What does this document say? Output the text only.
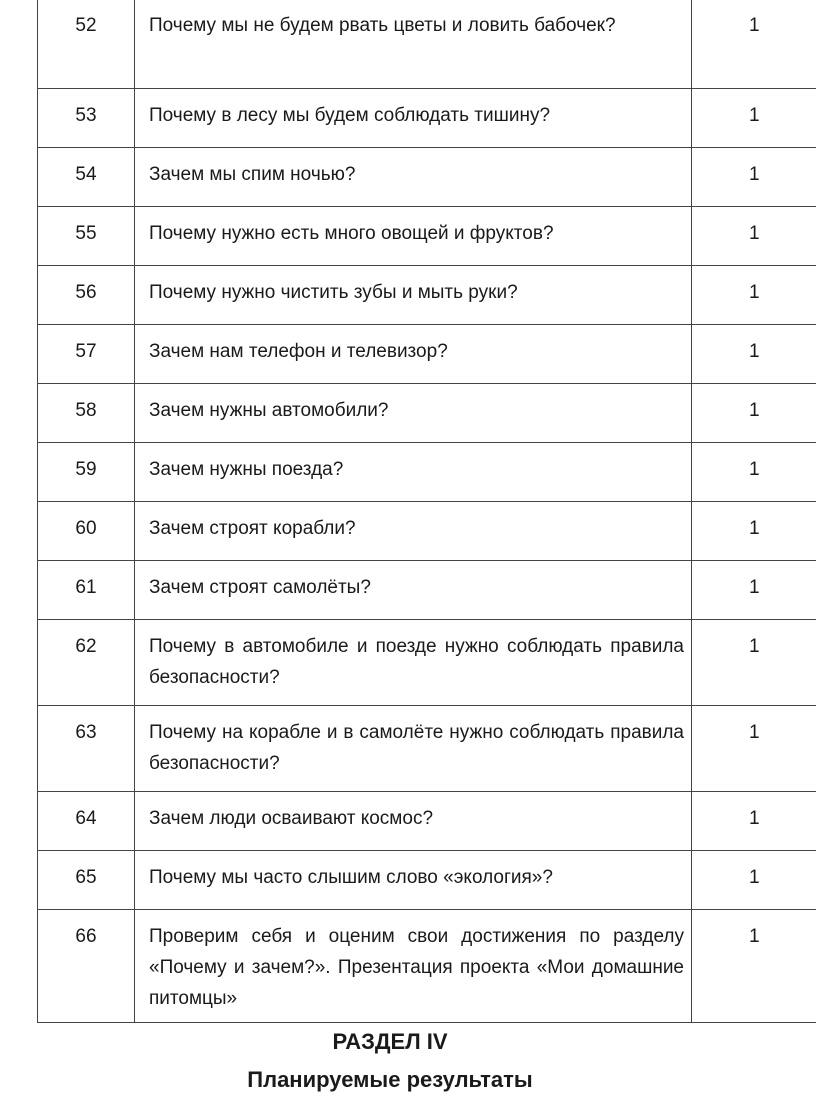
52	Почему мы не будем рвать цветы и ловить бабочек?	1
53	Почему в лесу мы будем соблюдать тишину?	1
54	Зачем мы спим ночью?	1
55	Почему нужно есть много овощей и фруктов?	1
56	Почему нужно чистить зубы и мыть руки?	1
57	Зачем нам телефон и телевизор?	1
58	Зачем нужны автомобили?	1
59	Зачем нужны поезда?	1
60	Зачем строят корабли?	1
61	Зачем строят самолёты?	1
62	Почему в автомобиле и поезде нужно соблюдать правила безопасности?	1
63	Почему на корабле и в самолёте нужно соблюдать правила безопасности?	1
64	Зачем люди осваивают космос?	1
65	Почему мы часто слышим слово «экология»?	1
66	Проверим себя и оценим свои достижения по разделу «Почему и зачем?». Презентация проекта «Мои домашние питомцы»	1
РАЗДЕЛ IV
Планируемые результаты
